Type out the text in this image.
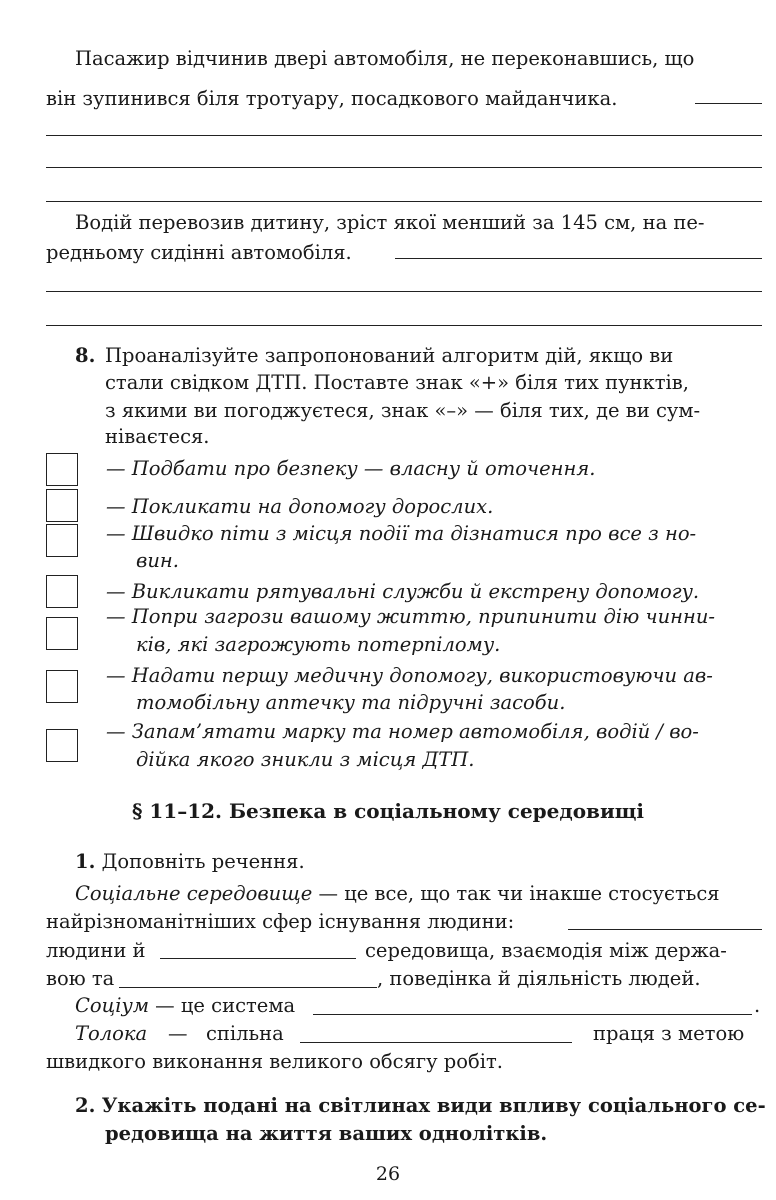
Пасажир відчинив двері автомобіля, не переконавшись, що
він зупинився біля тротуару, посадкового майданчика.
Водій перевозив дитину, зріст якої менший за 145 см, на пе-
редньому сидінні автомобіля.
8. Проаналізуйте запропонований алгоритм дій, якщо ви
стали свідком ДТП. Поставте знак «+» біля тих пунктів,
з якими ви погоджуєтеся, знак «–» — біля тих, де ви сум-
ніваєтеся.
— Подбати про безпеку — власну й оточення.
— Покликати на допомогу дорослих.
— Швидко піти з місця події та дізнатися про все з но-
вин.
— Викликати рятувальні служби й екстрену допомогу.
— Попри загрози вашому життю, припинити дію чинни-
ків, які загрожують потерпілому.
— Надати першу медичну допомогу, використовуючи ав-
томобільну аптечку та підручні засоби.
— Запам’ятати марку та номер автомобіля, водій / во-
дійка якого зникли з місця ДТП.
§ 11–12. Безпека в соціальному середовищі
1. Доповніть речення.
Соціальне середовище — це все, що так чи інакше стосується
найрізноманітніших сфер існування людини:
людини й	середовища, взаємодія між держа-
вою та	, поведінка й діяльність людей.
Соціум — це система	.
Толока — спільна	праця з метою
швидкого виконання великого обсягу робіт.
2. Укажіть подані на світлинах види впливу соціального се-
редовища на життя ваших однолітків.
26
